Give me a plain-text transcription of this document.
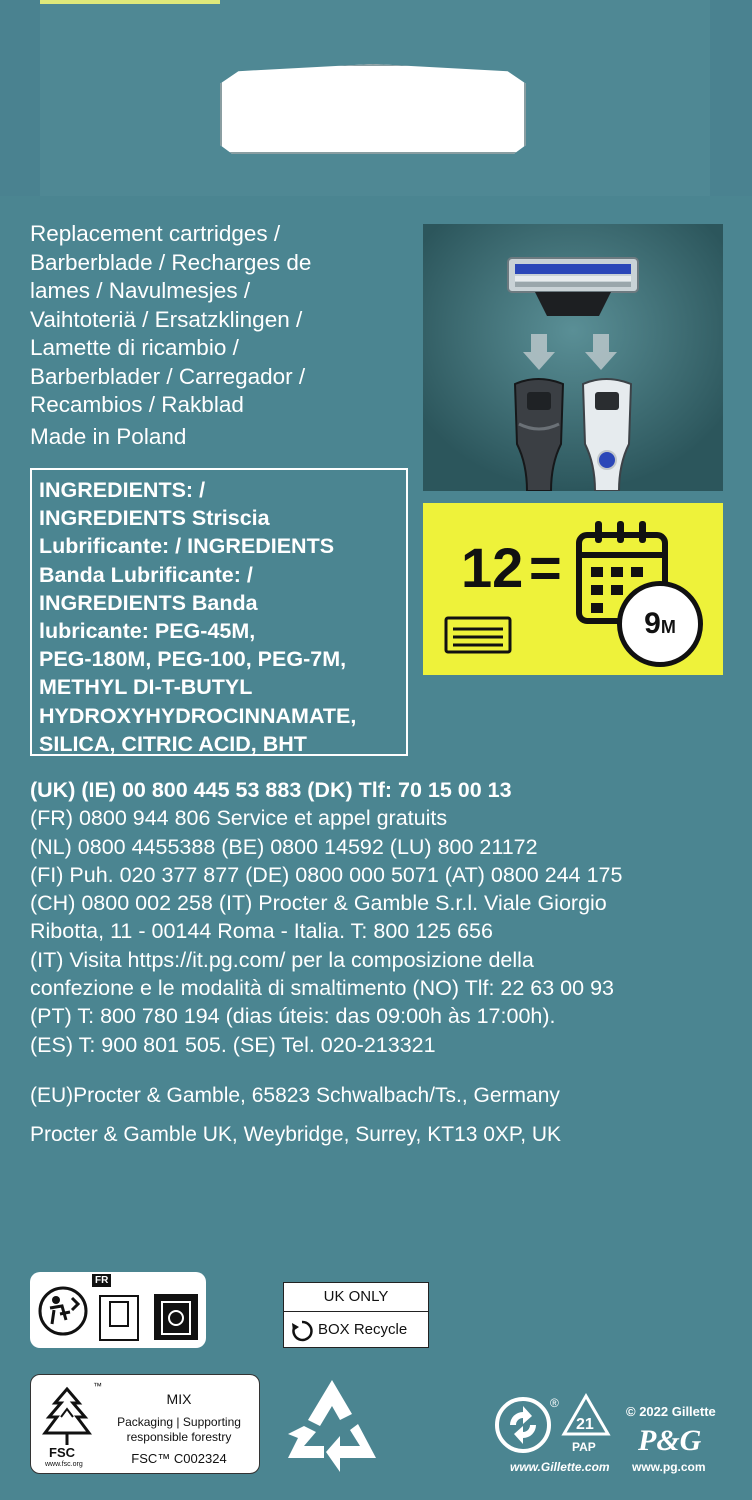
Replacement cartridges /
Barberblade / Recharges de
lames / Navulmesjes /
Vaihtoteriä / Ersatzklingen /
Lamette di ricambio /
Barberblader / Carregador /
Recambios / Rakblad
Made in Poland
INGREDIENTS: /
INGREDIENTS Striscia
Lubrificante: / INGREDIENTS
Banda Lubrificante: /
INGREDIENTS Banda
lubricante: PEG-45M,
PEG-180M, PEG-100, PEG-7M,
METHYL DI-T-BUTYL
HYDROXYHYDROCINNAMATE,
SILICA, CITRIC ACID, BHT
12 =
9M
(UK) (IE) 00 800 445 53 883 (DK) Tlf: 70 15 00 13
(FR) 0800 944 806 Service et appel gratuits
(NL) 0800 4455388 (BE) 0800 14592 (LU) 800 21172
(FI) Puh. 020 377 877 (DE) 0800 000 5071 (AT) 0800 244 175
(CH) 0800 002 258 (IT) Procter & Gamble S.r.l. Viale Giorgio
Ribotta, 11 - 00144 Roma - Italia. T: 800 125 656
(IT) Visita https://it.pg.com/ per la composizione della
confezione e le modalità di smaltimento (NO) Tlf: 22 63 00 93
(PT) T: 800 780 194 (dias úteis: das 09:00h às 17:00h).
(ES) T: 900 801 505. (SE) Tel. 020-213321
(EU)Procter & Gamble, 65823 Schwalbach/Ts., Germany
Procter & Gamble UK, Weybridge, Surrey, KT13 0XP, UK
FR
UK ONLY
BOX Recycle
™
FSC
www.fsc.org
MIX
Packaging | Supporting
responsible forestry
FSC™ C002324
®
21
PAP
© 2022 Gillette
P&G
www.Gillette.com www.pg.com
